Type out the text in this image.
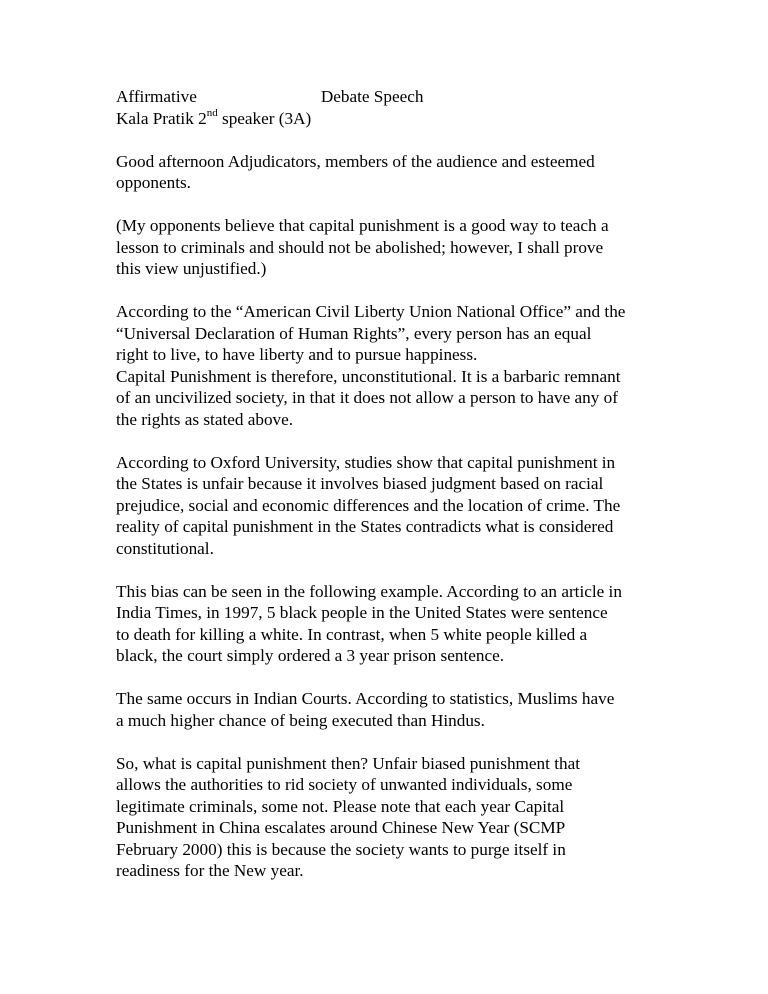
Affirmative	Debate Speech
Kala Pratik 2nd speaker (3A)

Good afternoon Adjudicators, members of the audience and esteemed
opponents.

(My opponents believe that capital punishment is a good way to teach a
lesson to criminals and should not be abolished; however, I shall prove
this view unjustified.)

According to the “American Civil Liberty Union National Office” and the
“Universal Declaration of Human Rights”, every person has an equal
right to live, to have liberty and to pursue happiness.
Capital Punishment is therefore, unconstitutional. It is a barbaric remnant
of an uncivilized society, in that it does not allow a person to have any of
the rights as stated above.

According to Oxford University, studies show that capital punishment in
the States is unfair because it involves biased judgment based on racial
prejudice, social and economic differences and the location of crime. The
reality of capital punishment in the States contradicts what is considered
constitutional.

This bias can be seen in the following example. According to an article in
India Times, in 1997, 5 black people in the United States were sentence
to death for killing a white. In contrast, when 5 white people killed a
black, the court simply ordered a 3 year prison sentence.

The same occurs in Indian Courts. According to statistics, Muslims have
a much higher chance of being executed than Hindus.

So, what is capital punishment then? Unfair biased punishment that
allows the authorities to rid society of unwanted individuals, some
legitimate criminals, some not. Please note that each year Capital
Punishment in China escalates around Chinese New Year (SCMP
February 2000) this is because the society wants to purge itself in
readiness for the New year.
